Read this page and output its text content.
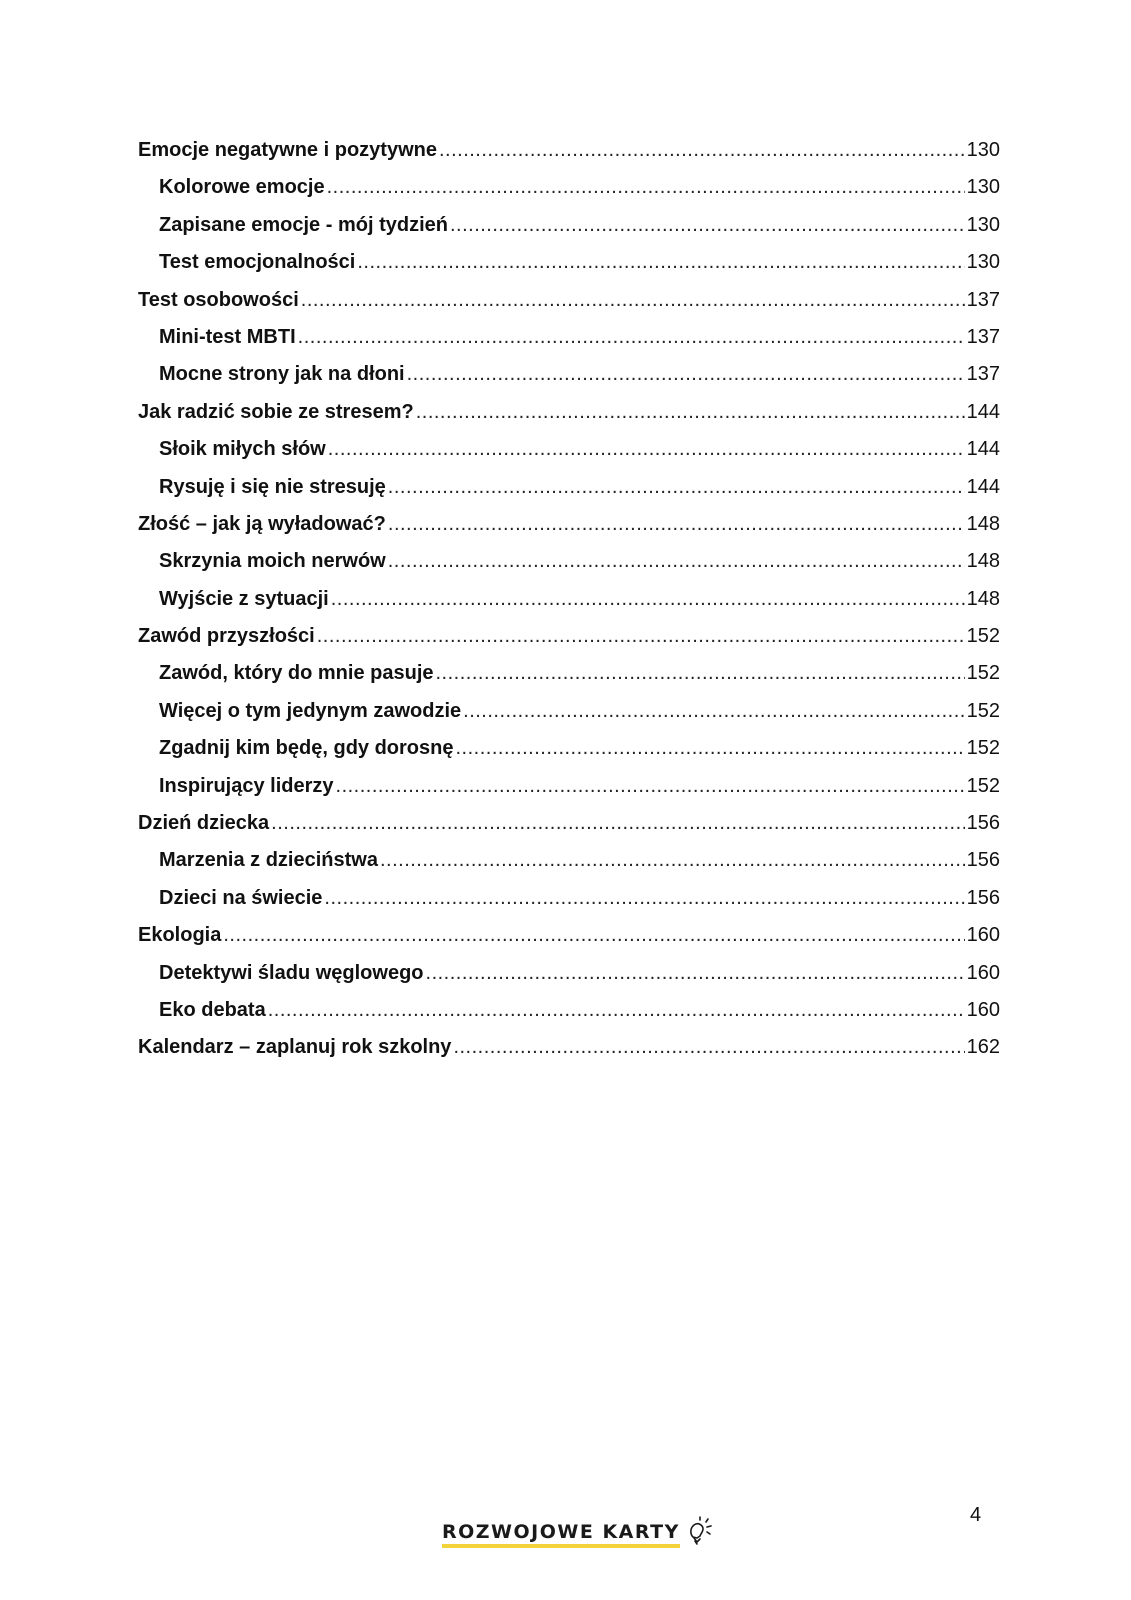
Emocje negatywne i pozytywne .....	130
Kolorowe emocje .....	130
Zapisane emocje - mój tydzień .....	130
Test emocjonalności .....	130
Test osobowości .....	137
Mini-test MBTI .....	137
Mocne strony jak na dłoni .....	137
Jak radzić sobie ze stresem? .....	144
Słoik miłych słów .....	144
Rysuję i się nie stresuję .....	144
Złość – jak ją wyładować? .....	148
Skrzynia moich nerwów .....	148
Wyjście z sytuacji .....	148
Zawód przyszłości .....	152
Zawód, który do mnie pasuje .....	152
Więcej o tym jedynym zawodzie .....	152
Zgadnij kim będę, gdy dorosnę .....	152
Inspirujący liderzy .....	152
Dzień dziecka .....	156
Marzenia z dzieciństwa .....	156
Dzieci na świecie .....	156
Ekologia .....	160
Detektywi śladu węglowego .....	160
Eko debata .....	160
Kalendarz – zaplanuj rok szkolny .....	162
ROZWOJOWE KARTY
4
